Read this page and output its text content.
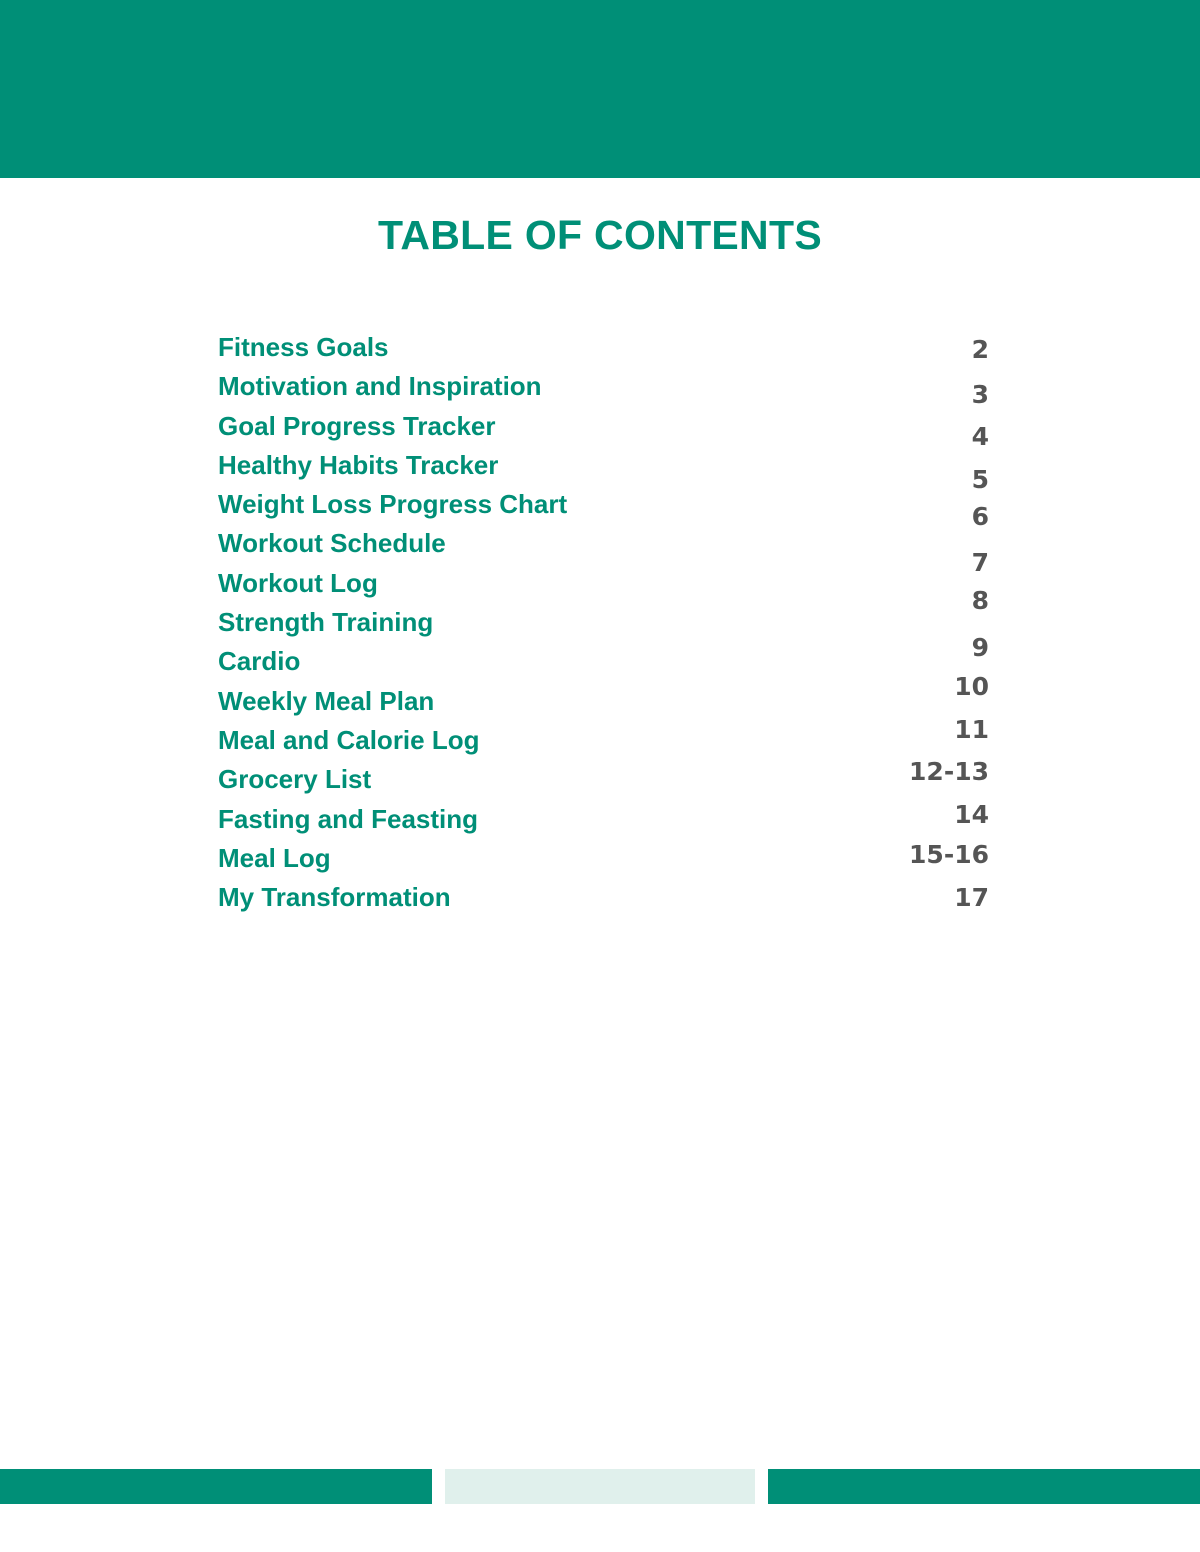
TABLE OF CONTENTS
Fitness Goals
Motivation and Inspiration
Goal Progress Tracker
Healthy Habits Tracker
Weight Loss Progress Chart
Workout Schedule
Workout Log
Strength Training
Cardio
Weekly Meal Plan
Meal and Calorie Log
Grocery List
Fasting and Feasting
Meal Log
My Transformation
2
3
4
5
6
7
8
9
10
11
12-13
14
15-16
17
